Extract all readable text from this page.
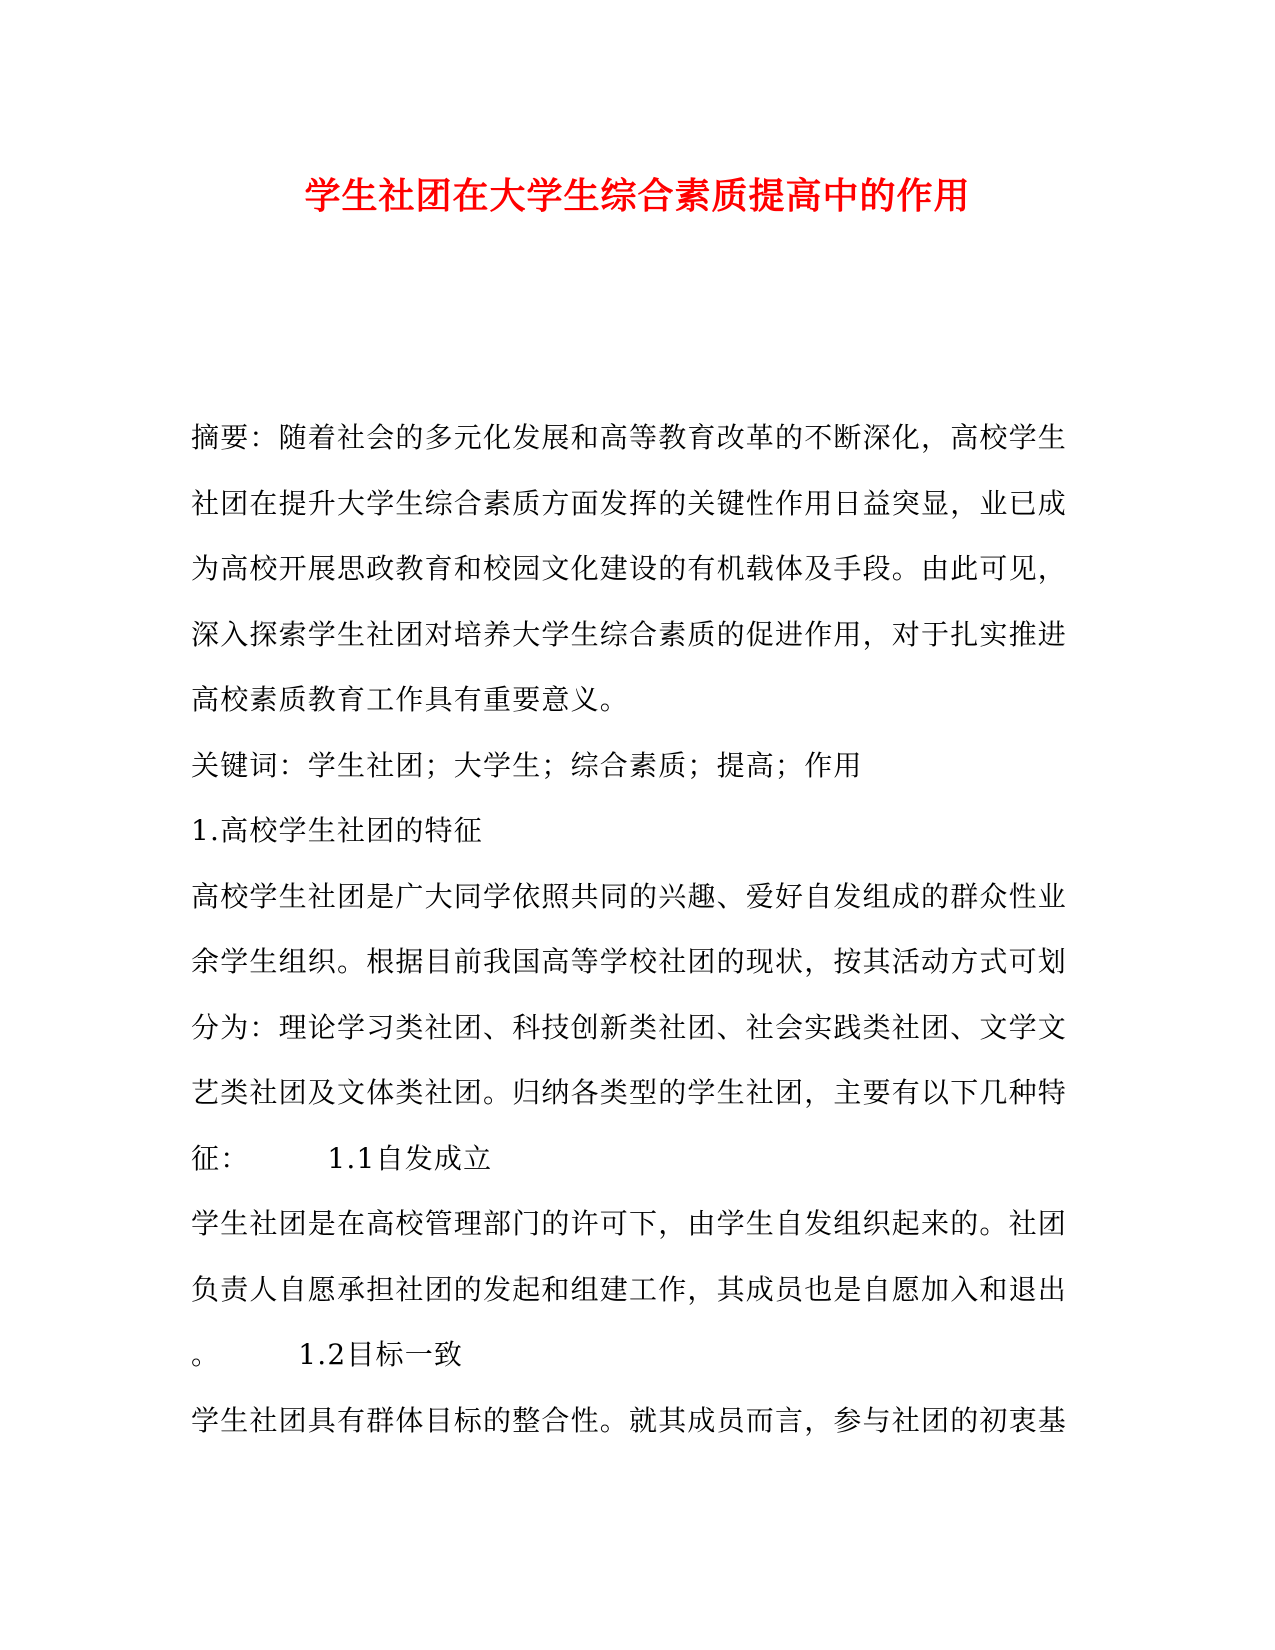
学生社团在大学生综合素质提高中的作用
摘要：随着社会的多元化发展和高等教育改革的不断深化，高校学生
社团在提升大学生综合素质方面发挥的关键性作用日益突显，业已成
为高校开展思政教育和校园文化建设的有机载体及手段。由此可见，
深入探索学生社团对培养大学生综合素质的促进作用，对于扎实推进
高校素质教育工作具有重要意义。
关键词：学生社团；大学生；综合素质；提高；作用
1.高校学生社团的特征
高校学生社团是广大同学依照共同的兴趣、爱好自发组成的群众性业
余学生组织。根据目前我国高等学校社团的现状，按其活动方式可划
分为：理论学习类社团、科技创新类社团、社会实践类社团、文学文
艺类社团及文体类社团。归纳各类型的学生社团，主要有以下几种特
征：	1.1自发成立
学生社团是在高校管理部门的许可下，由学生自发组织起来的。社团
负责人自愿承担社团的发起和组建工作，其成员也是自愿加入和退出
。	1.2目标一致
学生社团具有群体目标的整合性。就其成员而言，参与社团的初衷基
